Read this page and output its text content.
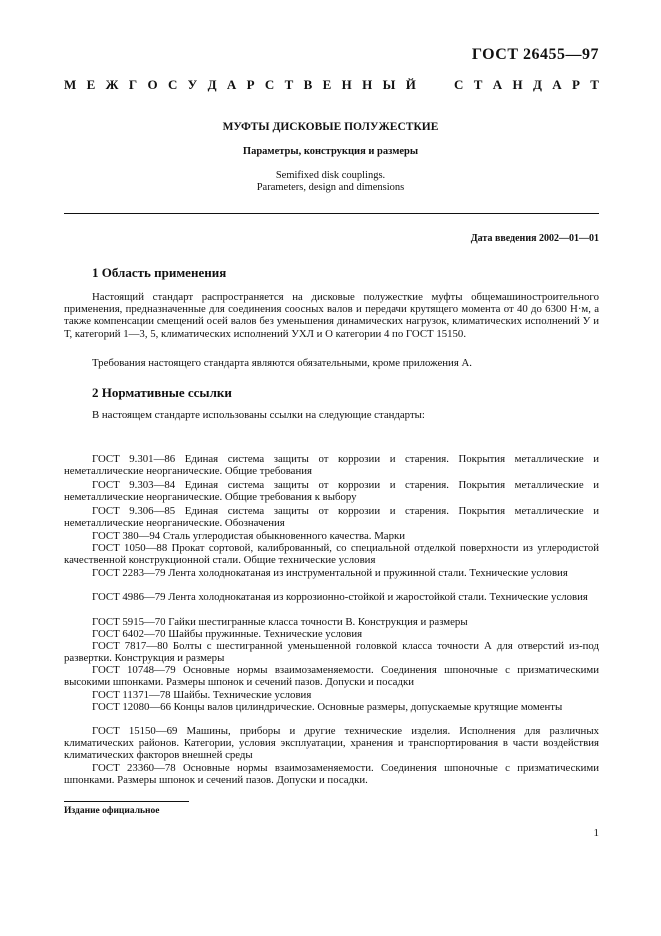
ГОСТ 26455—97
М Е Ж Г О С У Д А Р С Т В Е Н Н Ы Й	С Т А Н Д А Р Т
МУФТЫ ДИСКОВЫЕ ПОЛУЖЕСТКИЕ
Параметры, конструкция и размеры
Semifixed disk couplings.
Parameters, design and dimensions
Дата введения 2002—01—01
1 Область применения

Настоящий стандарт распространяется на дисковые полужесткие муфты общемашиностроительного применения, предназначенные для соединения соосных валов и передачи крутящего момента от 40 до 6300 Н·м, а также компенсации смещений осей валов без уменьшения динамических нагрузок, климатических исполнений У и Т, категорий 1—3, 5, климатических исполнений УХЛ и О категории 4 по ГОСТ 15150.

Требования настоящего стандарта являются обязательными, кроме приложения А.

2 Нормативные ссылки

В настоящем стандарте использованы ссылки на следующие стандарты:

ГОСТ 9.301—86 Единая система защиты от коррозии и старения. Покрытия металлические и неметаллические неорганические. Общие требования

ГОСТ 9.303—84 Единая система защиты от коррозии и старения. Покрытия металлические и неметаллические неорганические. Общие требования к выбору

ГОСТ 9.306—85 Единая система защиты от коррозии и старения. Покрытия металлические и неметаллические неорганические. Обозначения

ГОСТ 380—94 Сталь углеродистая обыкновенного качества. Марки

ГОСТ 1050—88 Прокат сортовой, калиброванный, со специальной отделкой поверхности из углеродистой качественной конструкционной стали. Общие технические условия

ГОСТ 2283—79 Лента холоднокатаная из инструментальной и пружинной стали. Технические условия

ГОСТ 4986—79 Лента холоднокатаная из коррозионно-стойкой и жаростойкой стали. Технические условия

ГОСТ 5915—70 Гайки шестигранные класса точности В. Конструкция и размеры

ГОСТ 6402—70 Шайбы пружинные. Технические условия

ГОСТ 7817—80 Болты с шестигранной уменьшенной головкой класса точности А для отверстий из-под развертки. Конструкция и размеры

ГОСТ 10748—79 Основные нормы взаимозаменяемости. Соединения шпоночные с призматическими высокими шпонками. Размеры шпонок и сечений пазов. Допуски и посадки

ГОСТ 11371—78 Шайбы. Технические условия

ГОСТ 12080—66 Концы валов цилиндрические. Основные размеры, допускаемые крутящие моменты

ГОСТ 15150—69 Машины, приборы и другие технические изделия. Исполнения для различных климатических районов. Категории, условия эксплуатации, хранения и транспортирования в части воздействия климатических факторов внешней среды

ГОСТ 23360—78 Основные нормы взаимозаменяемости. Соединения шпоночные с призматическими шпонками. Размеры шпонок и сечений пазов. Допуски и посадки.

Издание официальное
1
